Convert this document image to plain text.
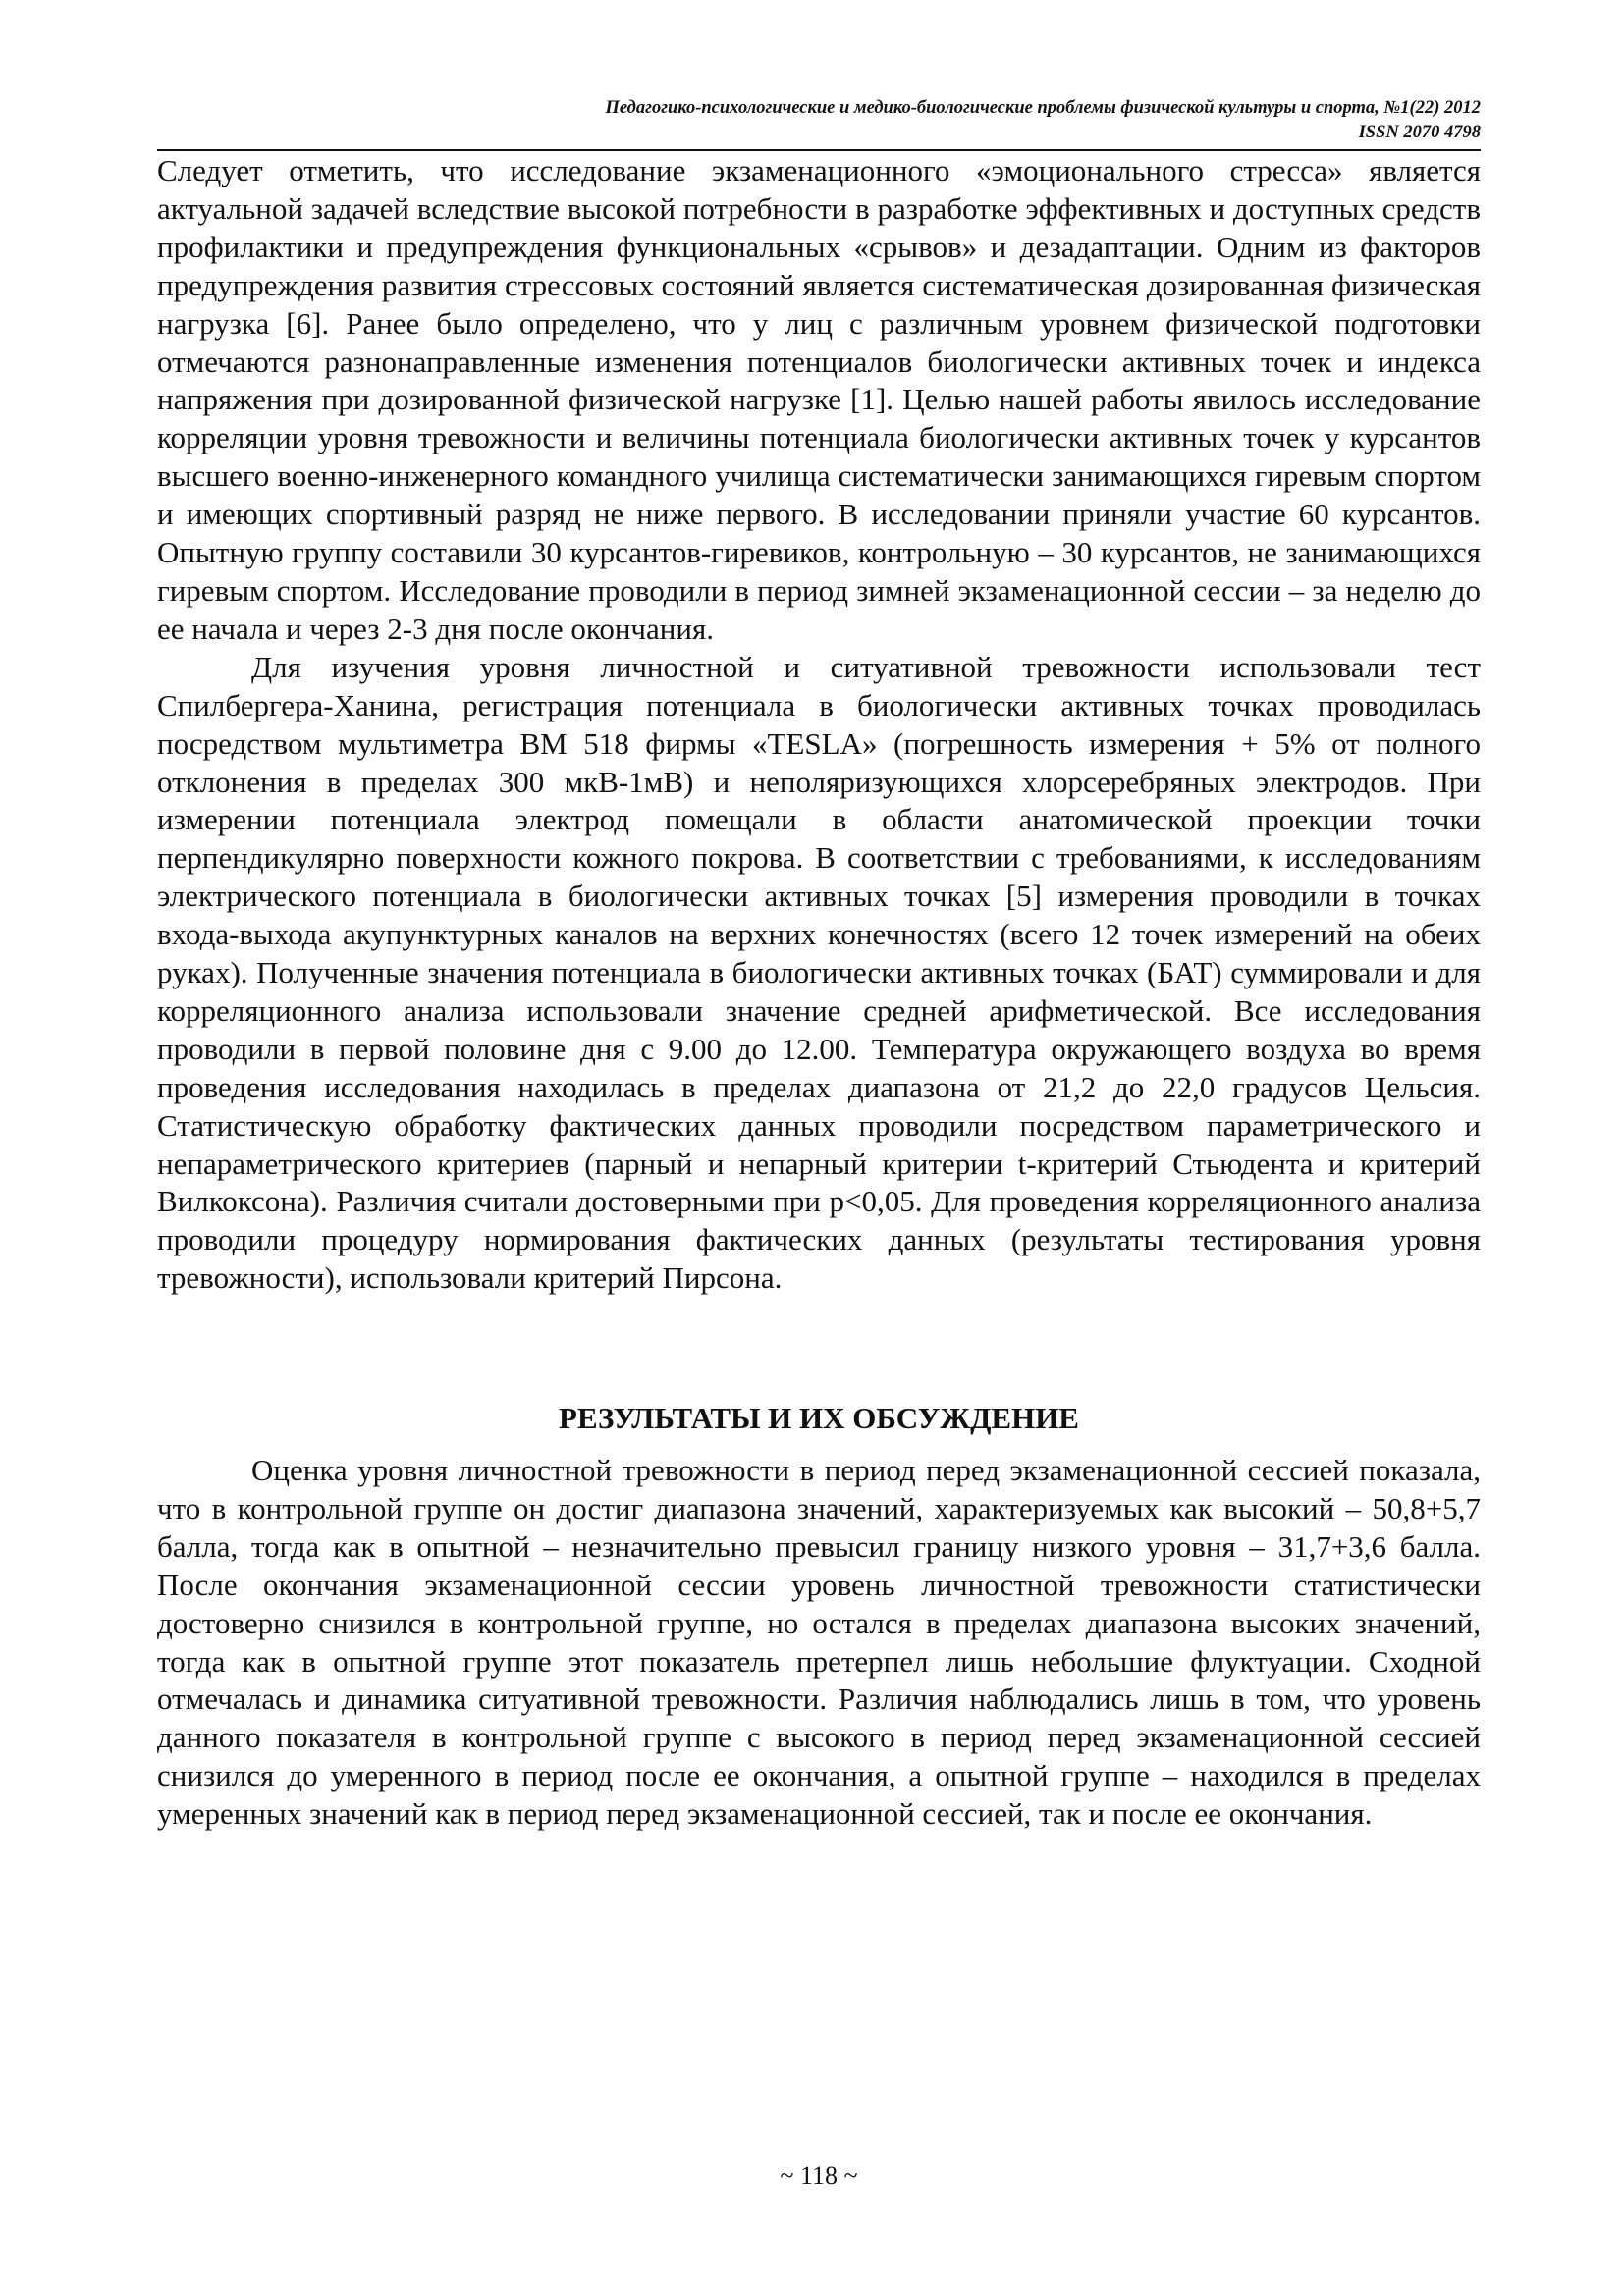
Педагогико-психологические и медико-биологические проблемы физической культуры и спорта, №1(22) 2012
ISSN 2070 4798

Следует отметить, что исследование экзаменационного «эмоционального стресса» является актуальной задачей вследствие высокой потребности в разработке эффективных и доступных средств профилактики и предупреждения функциональных «срывов» и дезадаптации. Одним из факторов предупреждения развития стрессовых состояний является систематическая дозированная физическая нагрузка [6]. Ранее было определено, что у лиц с различным уровнем физической подготовки отмечаются разнонаправленные изменения потенциалов биологически активных точек и индекса напряжения при дозированной физической нагрузке [1]. Целью нашей работы явилось исследование корреляции уровня тревожности и величины потенциала биологически активных точек у курсантов высшего военно-инженерного командного училища систематически занимающихся гиревым спортом и имеющих спортивный разряд не ниже первого. В исследовании приняли участие 60 курсантов. Опытную группу составили 30 курсантов-гиревиков, контрольную – 30 курсантов, не занимающихся гиревым спортом. Исследование проводили в период зимней экзаменационной сессии – за неделю до ее начала и через 2-3 дня после окончания.

Для изучения уровня личностной и ситуативной тревожности использовали тест Спилбергера-Ханина, регистрация потенциала в биологически активных точках проводилась посредством мультиметра ВМ 518 фирмы «TESLA» (погрешность измерения + 5% от полного отклонения в пределах 300 мкВ-1мВ) и неполяризующихся хлорсеребряных электродов. При измерении потенциала электрод помещали в области анатомической проекции точки перпендикулярно поверхности кожного покрова. В соответствии с требованиями, к исследованиям электрического потенциала в биологически активных точках [5] измерения проводили в точках входа-выхода акупунктурных каналов на верхних конечностях (всего 12 точек измерений на обеих руках). Полученные значения потенциала в биологически активных точках (БАТ) суммировали и для корреляционного анализа использовали значение средней арифметической. Все исследования проводили в первой половине дня с 9.00 до 12.00. Температура окружающего воздуха во время проведения исследования находилась в пределах диапазона от 21,2 до 22,0 градусов Цельсия. Статистическую обработку фактических данных проводили посредством параметрического и непараметрического критериев (парный и непарный критерии t-критерий Стьюдента и критерий Вилкоксона). Различия считали достоверными при p<0,05. Для проведения корреляционного анализа проводили процедуру нормирования фактических данных (результаты тестирования уровня тревожности), использовали критерий Пирсона.

РЕЗУЛЬТАТЫ И ИХ ОБСУЖДЕНИЕ

Оценка уровня личностной тревожности в период перед экзаменационной сессией показала, что в контрольной группе он достиг диапазона значений, характеризуемых как высокий – 50,8+5,7 балла, тогда как в опытной – незначительно превысил границу низкого уровня – 31,7+3,6 балла. После окончания экзаменационной сессии уровень личностной тревожности статистически достоверно снизился в контрольной группе, но остался в пределах диапазона высоких значений, тогда как в опытной группе этот показатель претерпел лишь небольшие флуктуации. Сходной отмечалась и динамика ситуативной тревожности. Различия наблюдались лишь в том, что уровень данного показателя в контрольной группе с высокого в период перед экзаменационной сессией снизился до умеренного в период после ее окончания, а опытной группе – находился в пределах умеренных значений как в период перед экзаменационной сессией, так и после ее окончания.

~ 118 ~
